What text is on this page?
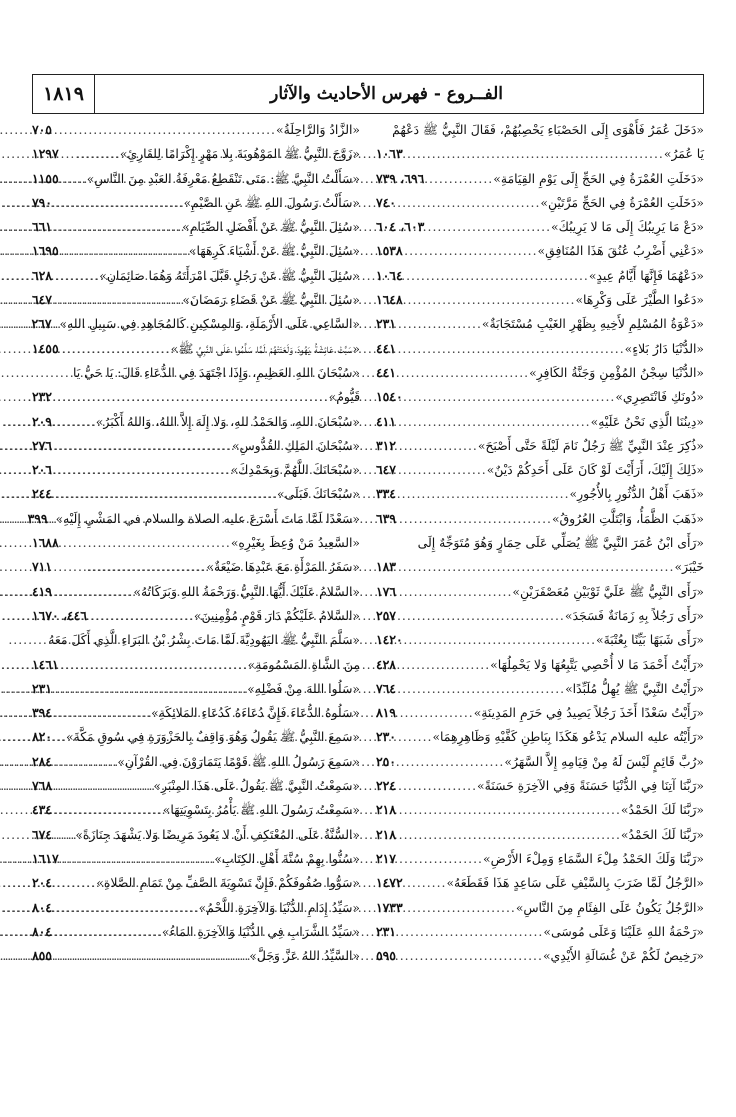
١٨١٩	الفــروع - فهرس الأحاديث والآثار
«دَخَلَ عُمَرُ فَأَهْوَى إِلَى الحَصْبَاءِ يَحْصِبُهُمْ، فَقَالَ النَّبِيُّ ﷺ دَعْهُمْ
يَا عُمَرُ»
.....
١٠٦٣
«دَخَلَتِ العُمْرَةُ فِي الحَجِّ إِلَى يَوْمِ القِيَامَةِ»
.....
٦٩٦، ٧٣٩
«دَخَلَتِ العُمْرَةُ فِي الحَجِّ مَرَّتَيْنِ»
.....
٧٤٠
«دَعْ مَا يَرِيبُكَ إِلَى مَا لا يَرِيبُكَ»
.....
٦٠٣، ٦٠٤
«دَعْنِي أَضْرِبُ عُنُقَ هَذَا المُنَافِقِ»
.....
١٥٣٨
«دَعْهُمَا فَإِنَّهَا أَيَّامُ عِيدٍ»
.....
١٠٦٤
«دَعُوا الطَّيْرَ عَلَى وَكْرِهَا»
.....
١٦٤٨
«دَعْوَةُ المُسْلِمِ لأَخِيهِ بِظَهْرِ الغَيْبِ مُسْتَجَابَةٌ»
.....
٢٣١
«الدُّنْيَا دَارُ بَلاءٍ»
.....
٤٤١
«الدُّنْيَا سِجْنُ المُؤْمِنِ وَجَنَّةُ الكَافِرِ»
.....
٤٤١
«دُونَكِ فَانْتَصِرِي»
.....
١٥٤٠
«دِينُنَا الَّذِي نَحْنُ عَلَيْهِ»
.....
٤١١
«ذُكِرَ عِنْدَ النَّبِيِّ ﷺ رَجُلٌ نَامَ لَيْلَةً حَتَّى أَصْبَحَ»
.....
٣١٢
«ذَلِكَ إِلَيْكَ، أَرَأَيْتَ لَوْ كَانَ عَلَى أَحَدِكُمْ دَيْنٌ»
.....
٦٤٧
«ذَهَبَ أَهْلُ الدُّثُورِ بِالأُجُورِ»
.....
٣٣٤
«ذَهَبَ الظَّمَأُ، وَابْتَلَّتِ العُرُوقُ»
.....
٦٣٩
«رَأَى ابْنُ عُمَرَ النَّبِيَّ ﷺ يُصَلِّي عَلَى حِمَارٍ وَهُوَ مُتَوَجِّهٌ إِلَى
خَيْبَرَ»
.....
١٨٣
«رَأَى النَّبِيُّ ﷺ عَلَيَّ ثَوْبَيْنِ مُعَصْفَرَيْنِ»
.....
١٧٦
«رَأَى رَجُلاً بِهِ زَمَانَةٌ فَسَجَدَ»
.....
٢٥٧
«رَأَى شَبَهًا بَيِّنًا بِعُتْبَةَ»
.....
١٤٢٠
«رَأَيْتُ أَحْمَدَ مَا لا أُحْصِي يَتَّبِعُهَا وَلا يَحْمِلُهَا»
.....
٤٢٨
«رَأَيْتُ النَّبِيَّ ﷺ يُهِلُّ مُلَبِّدًا»
.....
٧٦٤
«رَأَيْتُ سَعْدًا أَخَذَ رَجُلاً يَصِيدُ فِي حَرَمِ المَدِينَةِ»
.....
٨١٩
«رَأَيْتُه عليه السلام يَدْعُو هَكَذَا بِبَاطِنِ كَفَّيْهِ وَظَاهِرِهِمَا»
.....
٢٣٠
«رُبَّ قَائِمٍ لَيْسَ لَهُ مِنْ قِيَامِهِ إِلاَّ السَّهَرُ»
.....
٢٥٠
«رَبَّنَا آتِنَا فِي الدُّنْيَا حَسَنَةً وَفِي الآخِرَةِ حَسَنَةً»
.....
٢٢٤
«رَبَّنَا لَكَ الحَمْدُ»
.....
٢١٨
«رَبَّنَا لَكَ الحَمْدُ»
.....
٢١٨
«رَبَّنَا وَلَكَ الحَمْدُ مِلْءَ السَّمَاءِ وَمِلْءَ الأَرْضِ»
.....
٢١٧
«الرَّجُلُ لَمَّا ضَرَبَ بِالسَّيْفِ عَلَى سَاعِدٍ هَذَا فَقَطَعَهُ»
.....
١٤٧٢
«الرَّجُلُ يَكُونُ عَلَى الفِئَامِ مِنَ النَّاسِ»
.....
١٧٣٣
«رَحْمَةُ اللهِ عَلَيْنَا وَعَلَى مُوسَى»
.....
٢٣١
«رَخِيصٌ لَكُمْ عَنْ غُسَالَةِ الأَيْدِي»
.....
٥٩٥
«الزَّادُ وَالرَّاحِلَةُ»
.....
٧٠٥
«زَوَّجَ النَّبِيُّ ﷺ المَوْهُوبَةَ بِلا مَهْرٍ إِكْرَامًا لِلقَارِئِ»
.....
١٢٩٧
«سَأَلْتُ النَّبِيَّ ﷺ: مَتَى تَنْقَطِعُ مَعْرِفَةُ العَبْدِ مِنَ النَّاسِ»
.....
١١٥٥
«سَأَلْتُ رَسُولَ اللهِ ﷺ عَنِ الصَّيْمِ»
.....
٧٩٠
«سُئِلَ النَّبِيُّ ﷺ عَنْ أَفْضَلِ الصِّيَامِ»
.....
٦٦١
«سُئِلَ النَّبِيُّ ﷺ عَنْ أَشْيَاءَ كَرِهَهَا»
.....
١٦٩٥
«سُئِلَ النَّبِيُّ ﷺ عَنْ رَجُلٍ قَبَّلَ امْرَأَتَهُ وَهُمَا صَائِمَانِ»
.....
٦٢٨
«سُئِلَ النَّبِيُّ ﷺ عَنْ قَضَاءِ رَمَضَانَ»
.....
٦٤٧
«السَّاعِي عَلَى الأَرْمَلَةِ، وَالمِسْكِينِ كَالمُجَاهِدِ فِي سَبِيلِ اللهِ»
.....
٢٦٧
«سَبَّتْ عَائِشَةُ يَهُودَ وَلَعَنَتْهُمْ لَمَّا سَلَّمُوا عَلَى النَّبِيِّ ﷺ»
.....
١٤٥٥
«سُبْحَانَ اللهِ العَظِيمِ، وَإِذَا اجْتَهَدَ فِي الدُّعَاءِ قَالَ: يَا حَيُّ يَا
قَيُّومُ»
.....
٢٣٢
«سُبْحَانَ اللهِ، وَالحَمْدُ للهِ، وَلا إِلَهَ إِلاَّ اللهُ، وَاللهُ أَكْبَرُ»
.....
٢٠٩
«سُبْحَانَ المَلِكِ القُدُّوسِ»
.....
٢٧٦
«سُبْحَانَكَ اللَّهُمَّ وَبِحَمْدِكَ»
.....
٢٠٦
«سُبْحَانَكَ فَبَلَى»
.....
٢٤٤
«سَعْدًا لَمَّا مَاتَ أَسْرَعَ عليه الصلاة والسلام في المَشْيِ إِلَيْهِ»
.....
٣٩٩
«السَّعِيدُ مَنْ وُعِظَ بِغَيْرِهِ»
.....
١٦٨٨
«سَفَرُ المَرْأَةِ مَعَ عَبْدِهَا ضَيْعَةٌ»
.....
٧١١
«السَّلامُ عَلَيْكَ أَيُّهَا النَّبِيُّ وَرَحْمَةُ اللهِ وَبَرَكَاتُهُ»
.....
٤١٩
«السَّلامُ عَلَيْكُمْ دَارَ قَوْمٍ مُؤْمِنِينَ»
.....
٤٤٦، ١٦٧٠
«سَلَّمَ النَّبِيُّ ﷺ اليَهُودِيَّةَ لَمَّا مَاتَ بِشْرُ بْنُ البَرَاءِ الَّذِي أَكَلَ مَعَهُ
مِنَ الشَّاةِ المَسْمُومَةِ»
.....
١٤٦١
«سَلُوا اللهَ مِنْ فَضْلِهِ»
.....
٢٣١
«سَلُوهُ الدُّعَاءَ فَإِنَّ دُعَاءَهُ كَدُعَاءِ المَلائِكَةِ»
.....
٣٩٤
«سَمِعَ النَّبِيُّ ﷺ يَقُولُ وَهُوَ وَاقِفٌ بِالحَزْوَرَةِ فِي سُوقِ مَكَّةَ»
.....
٨٢٠
«سَمِعَ رَسُولُ اللهِ ﷺ قَوْمًا يَتَمَارَوْنَ فِي القُرْآنِ»
.....
٢٨٤
«سَمِعْتُ النَّبِيَّ ﷺ يَقُولُ عَلَى هَذَا المِنْبَرِ»
.....
٧٦٨
«سَمِعْتُ رَسُولَ اللهِ ﷺ يَأْمُرُ بِتَسْوِيَتِهَا»
.....
٤٣٤
«السُّنَّةُ عَلَى المُعْتَكِفِ أَنْ لا يَعُودَ مَرِيضًا وَلا يَشْهَدَ جِنَازَةً»
.....
٦٧٤
«سُنُّوا بِهِمْ سُنَّةَ أَهْلِ الكِتَابِ»
.....
١٦١٧
«سَوُّوا صُفُوفَكُمْ فَإِنَّ تَسْوِيَةَ الصَّفِّ مِنْ تَمَامِ الصَّلاةِ»
.....
٢٠٤
«سَيِّدُ إِدَامِ الدُّنْيَا وَالآخِرَةِ اللَّحْمُ»
.....
٨٠٤
«سَيِّدُ الشَّرَابِ فِي الدُّنْيَا وَالآخِرَةِ المَاءُ»
.....
٨٠٤
«السَّيِّدُ اللهُ عَزَّ وَجَلَّ»
.....
٨٥٥
